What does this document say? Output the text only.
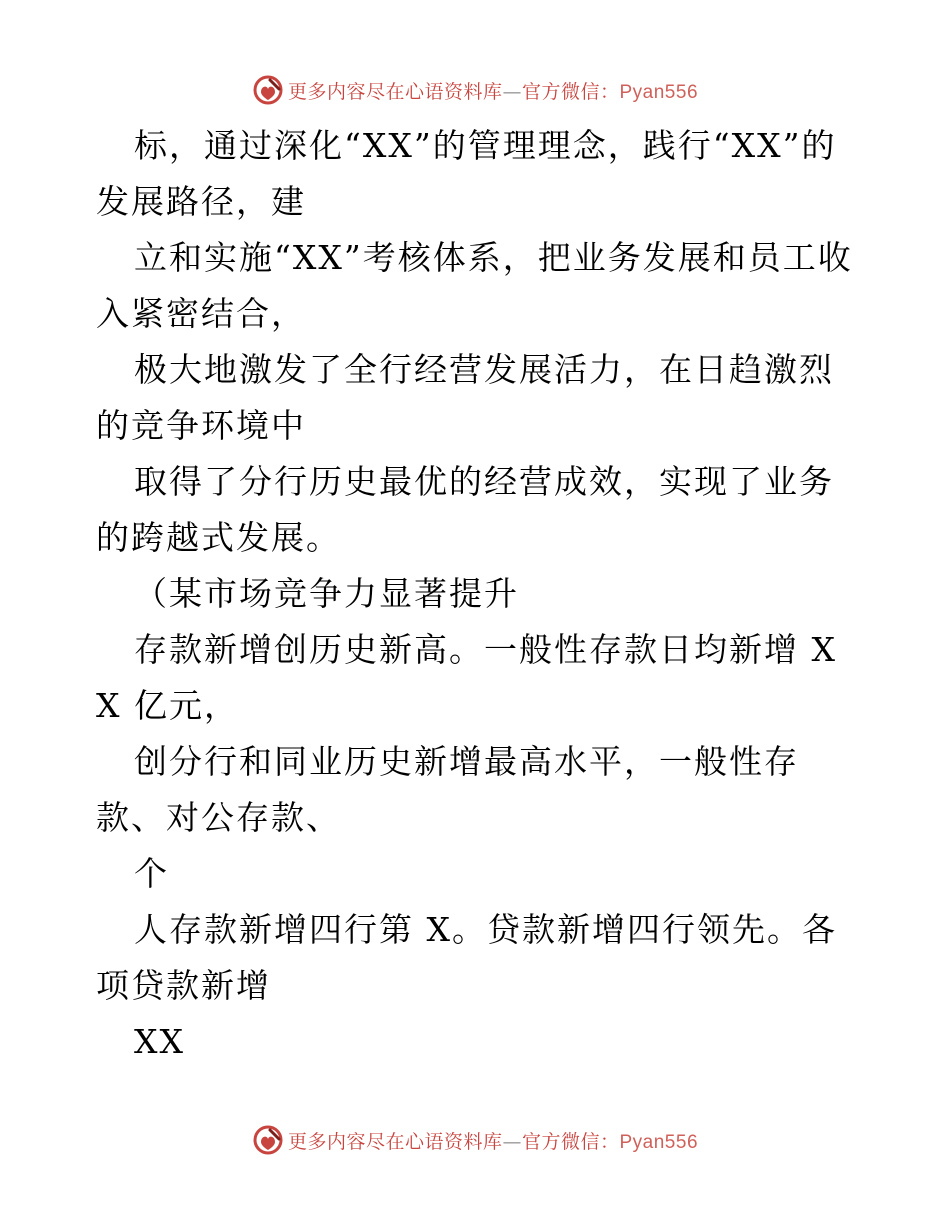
更多内容尽在心语资料库—官方微信：Pyan556

标，通过深化“XX”的管理理念，践行“XX”的发展路径，建

立和实施“XX”考核体系，把业务发展和员工收入紧密结合，

极大地激发了全行经营发展活力，在日趋激烈的竞争环境中

取得了分行历史最优的经营成效，实现了业务的跨越式发展。

（某市场竞争力显著提升

存款新增创历史新高。一般性存款日均新增 XX 亿元，

创分行和同业历史新增最高水平，一般性存款、对公存款、

个

人存款新增四行第 X。贷款新增四行领先。各项贷款新增

XX

更多内容尽在心语资料库—官方微信：Pyan556
